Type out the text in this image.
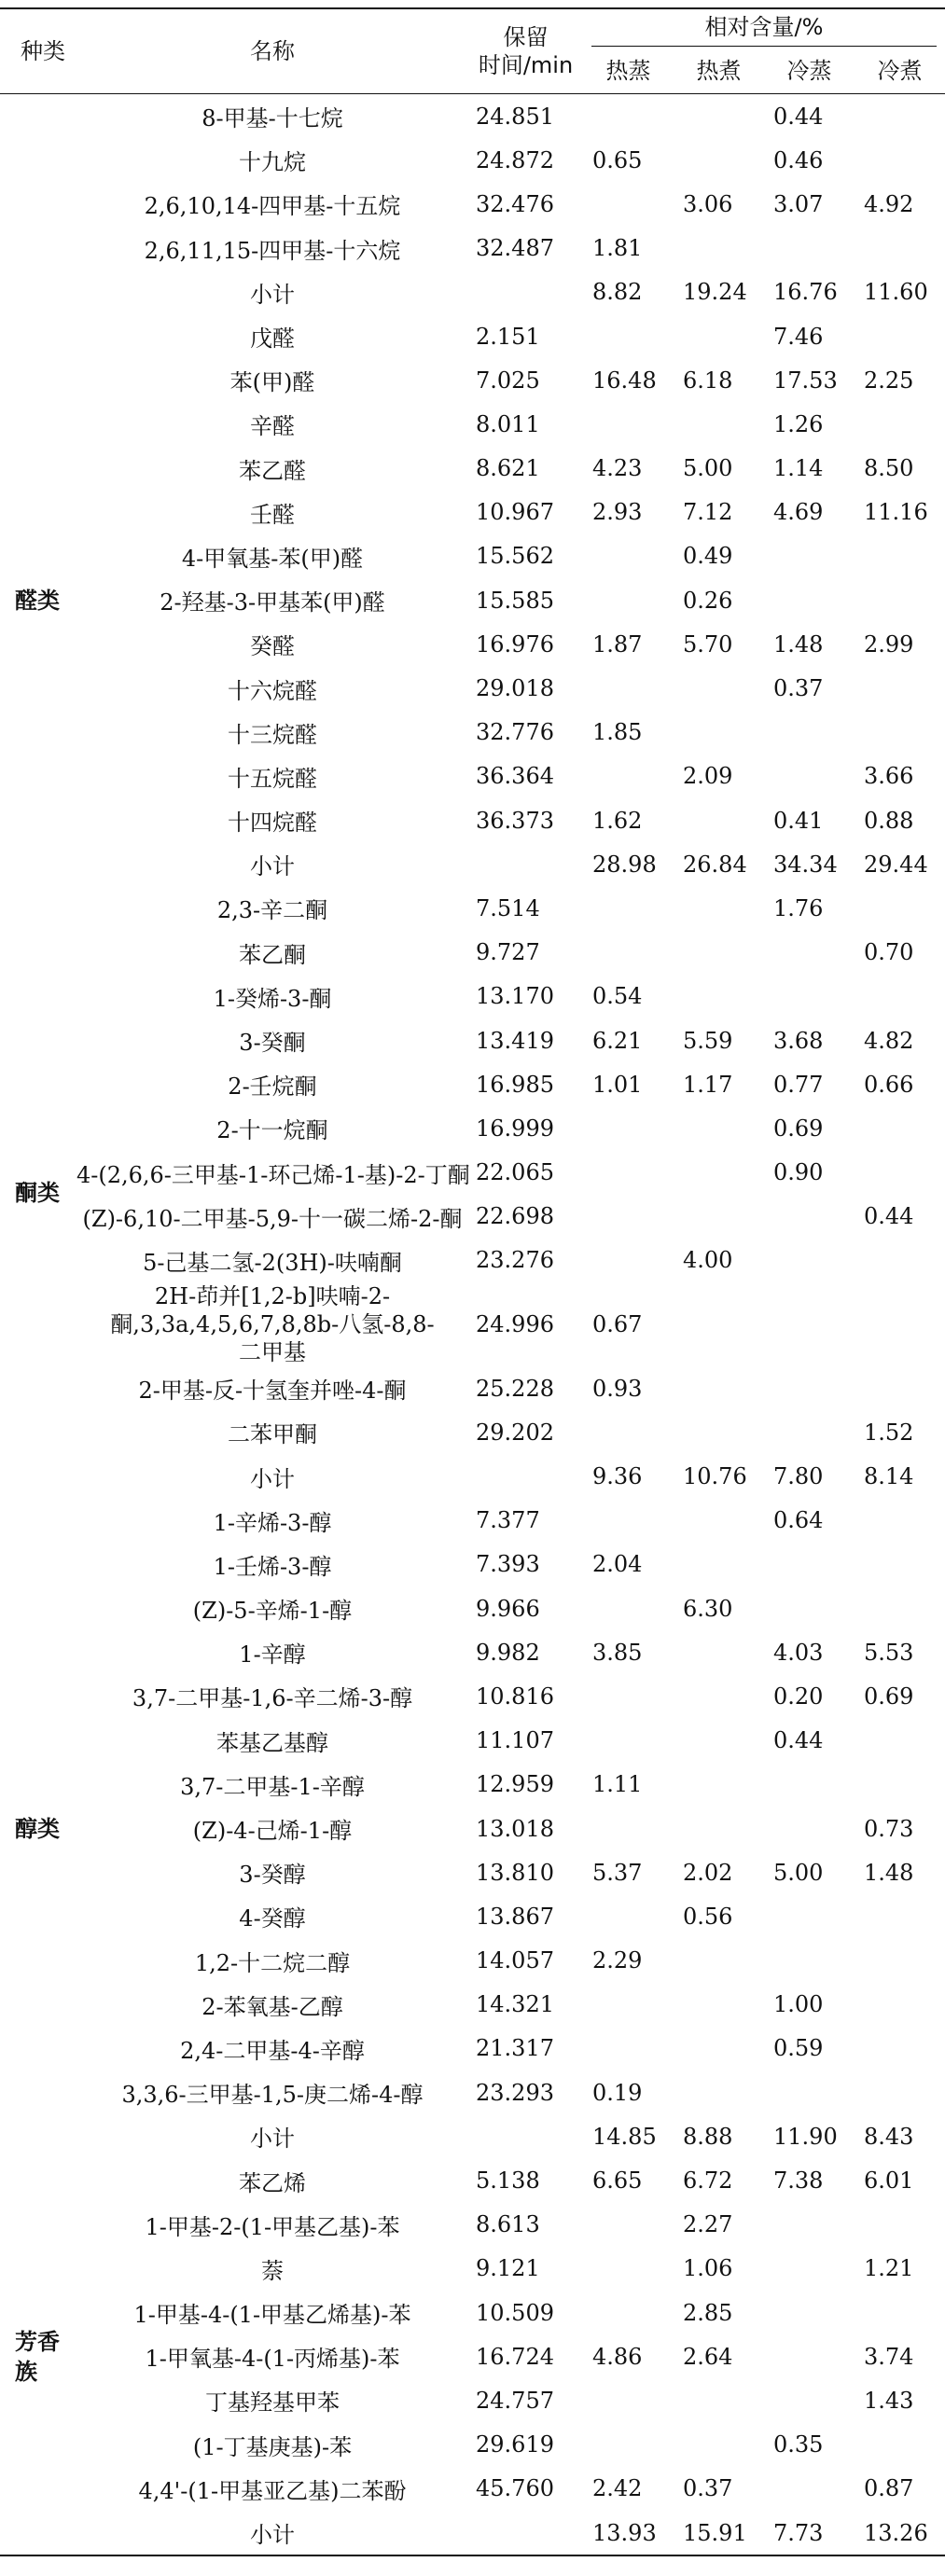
种类	名称	保留
时间/min	相对含量/%			
			热蒸	热煮	冷蒸	冷煮

	8-甲基-十七烷	24.851			0.44	
	十九烷	24.872	0.65		0.46	
	2,6,10,14-四甲基-十五烷	32.476		3.06	3.07	4.92
	2,6,11,15-四甲基-十六烷	32.487	1.81			
	小计		8.82	19.24	16.76	11.60
醛类	戊醛	2.151			7.46	
	苯(甲)醛	7.025	16.48	6.18	17.53	2.25
	辛醛	8.011			1.26	
	苯乙醛	8.621	4.23	5.00	1.14	8.50
	壬醛	10.967	2.93	7.12	4.69	11.16
	4-甲氧基-苯(甲)醛	15.562		0.49		
	2-羟基-3-甲基苯(甲)醛	15.585		0.26		
	癸醛	16.976	1.87	5.70	1.48	2.99
	十六烷醛	29.018			0.37	
	十三烷醛	32.776	1.85			
	十五烷醛	36.364		2.09		3.66
	十四烷醛	36.373	1.62		0.41	0.88
	小计		28.98	26.84	34.34	29.44
酮类	2,3-辛二酮	7.514			1.76	
	苯乙酮	9.727				0.70
	1-癸烯-3-酮	13.170	0.54			
	3-癸酮	13.419	6.21	5.59	3.68	4.82
	2-壬烷酮	16.985	1.01	1.17	0.77	0.66
	2-十一烷酮	16.999			0.69	
	4-(2,6,6-三甲基-1-环己烯-1-基)-2-丁酮	22.065			0.90	
	(Z)-6,10-二甲基-5,9-十一碳二烯-2-酮	22.698				0.44
	5-己基二氢-2(3H)-呋喃酮	23.276		4.00		
	2H-茚并[1,2-b]呋喃-2-酮,3,3a,4,5,6,7,8,8b-八氢-8,8-二甲基	24.996	0.67			
	2-甲基-反-十氢奎并唑-4-酮	25.228	0.93			
	二苯甲酮	29.202				1.52
	小计		9.36	10.76	7.80	8.14
醇类	1-辛烯-3-醇	7.377			0.64	
	1-壬烯-3-醇	7.393	2.04			
	(Z)-5-辛烯-1-醇	9.966		6.30		
	1-辛醇	9.982	3.85		4.03	5.53
	3,7-二甲基-1,6-辛二烯-3-醇	10.816			0.20	0.69
	苯基乙基醇	11.107			0.44	
	3,7-二甲基-1-辛醇	12.959	1.11			
	(Z)-4-己烯-1-醇	13.018				0.73
	3-癸醇	13.810	5.37	2.02	5.00	1.48
	4-癸醇	13.867		0.56		
	1,2-十二烷二醇	14.057	2.29			
	2-苯氧基-乙醇	14.321			1.00	
	2,4-二甲基-4-辛醇	21.317			0.59	
	3,3,6-三甲基-1,5-庚二烯-4-醇	23.293	0.19			
	小计		14.85	8.88	11.90	8.43
芳香族	苯乙烯	5.138	6.65	6.72	7.38	6.01
	1-甲基-2-(1-甲基乙基)-苯	8.613		2.27		
	萘	9.121		1.06		1.21
	1-甲基-4-(1-甲基乙烯基)-苯	10.509		2.85		
	1-甲氧基-4-(1-丙烯基)-苯	16.724	4.86	2.64		3.74
	丁基羟基甲苯	24.757				1.43
	(1-丁基庚基)-苯	29.619			0.35	
	4,4'-(1-甲基亚乙基)二苯酚	45.760	2.42	0.37		0.87
	小计		13.93	15.91	7.73	13.26
